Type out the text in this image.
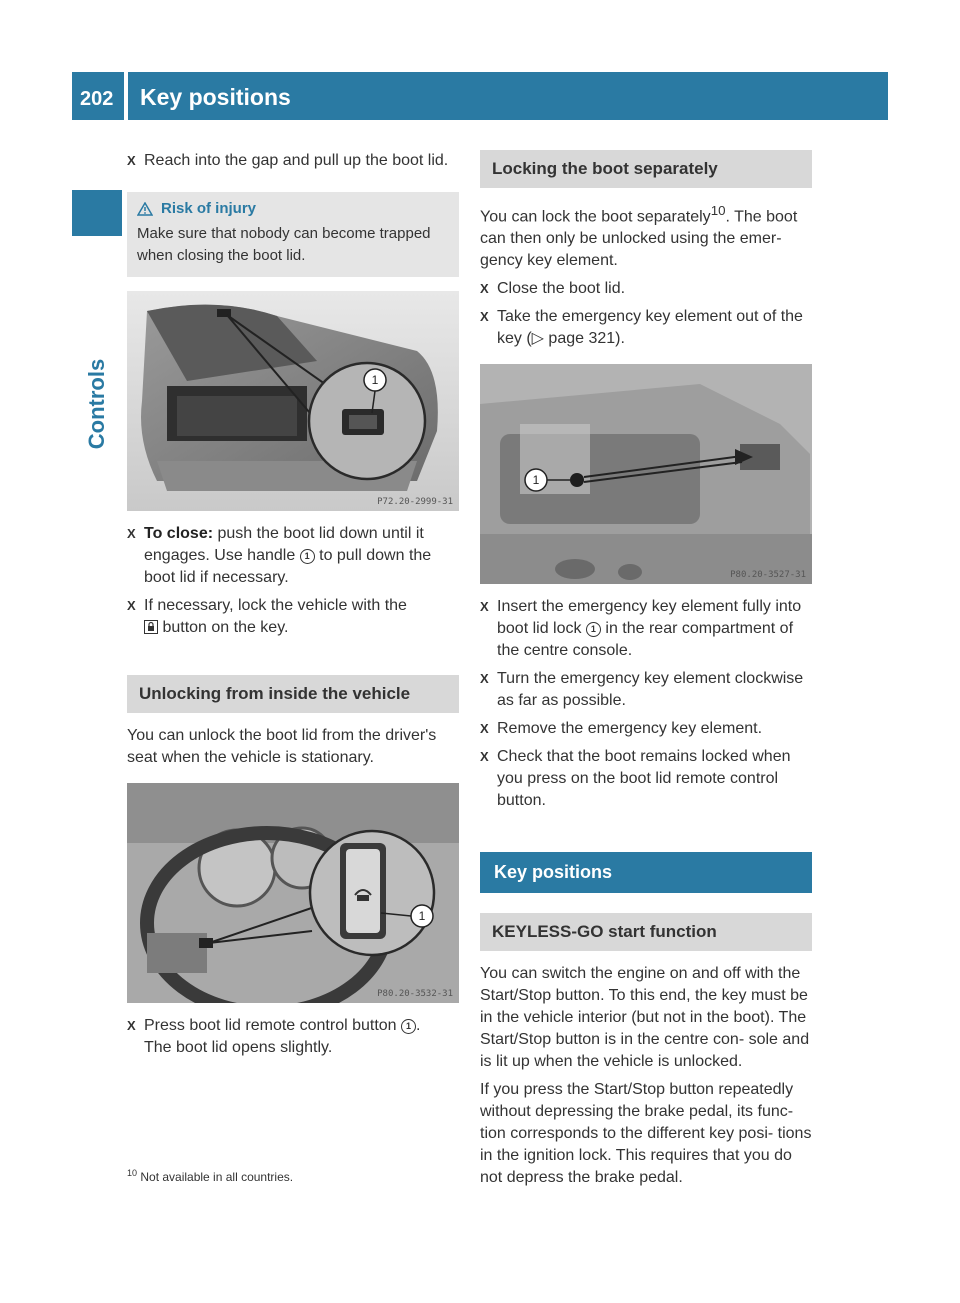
202 Key positions
Controls
X Reach into the gap and pull up the boot lid.
Risk of injury
Make sure that nobody can become trapped when closing the boot lid.
1
P72.20-2999-31
X To close: push the boot lid down until it engages. Use handle 1 to pull down the boot lid if necessary.
X If necessary, lock the vehicle with the
button on the key.
Unlocking from inside the vehicle
You can unlock the boot lid from the driver's seat when the vehicle is stationary.
1
P80.20-3532-31
X Press boot lid remote control button 1 .
The boot lid opens slightly.
Locking the boot separately
You can lock the boot separately$^{10}$. The boot can then only be unlocked using the emer- gency key element.
X Close the boot lid.
X Take the emergency key element out of the key (▷ page 321).
1
P80.20-3527-31
X Insert the emergency key element fully into boot lid lock 1 in the rear compartment of the centre console.
X Turn the emergency key element clockwise as far as possible.
X Remove the emergency key element.
X Check that the boot remains locked when you press on the boot lid remote control button.
Key positions
KEYLESS-GO start function
You can switch the engine on and off with the Start/Stop button. To this end, the key must be in the vehicle interior (but not in the boot). The Start/Stop button is in the centre con- sole and is lit up when the vehicle is unlocked.
If you press the Start/Stop button repeatedly without depressing the brake pedal, its func- tion corresponds to the different key posi- tions in the ignition lock. This requires that you do not depress the brake pedal.
$^{10}$ Not available in all countries.
